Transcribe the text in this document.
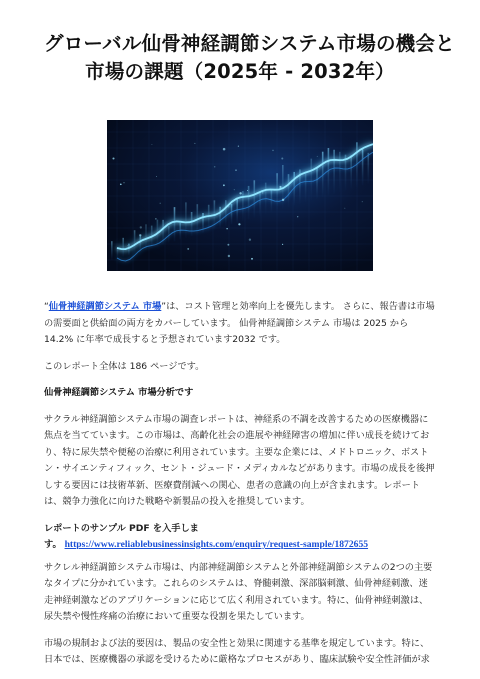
グローバル仙骨神経調節システム市場の機会と
市場の課題（2025年 - 2032年）

“仙骨神経調節システム 市場”は、コスト管理と効率向上を優先します。 さらに、報告書は市場の需要面と供給面の両方をカバーしています。 仙骨神経調節システム 市場は 2025 から 14.2% に年率で成長すると予想されています2032 です。

このレポート全体は 186 ページです。

仙骨神経調節システム 市場分析です

サクラル神経調節システム市場の調査レポートは、神経系の不調を改善するための医療機器に焦点を当てています。この市場は、高齢化社会の進展や神経障害の増加に伴い成長を続けており、特に尿失禁や便秘の治療に利用されています。主要な企業には、メドトロニック、ボストン・サイエンティフィック、セント・ジュード・メディカルなどがあります。市場の成長を後押しする要因には技術革新、医療費削減への関心、患者の意識の向上が含まれます。レポートは、競争力強化に向けた戦略や新製品の投入を推奨しています。

レポートのサンプル PDF を入手しま
す。 https://www.reliablebusinessinsights.com/enquiry/request-sample/1872655

サクレル神経調節システム市場は、内部神経調節システムと外部神経調節システムの2つの主要なタイプに分かれています。これらのシステムは、脊髄刺激、深部脳刺激、仙骨神経刺激、迷走神経刺激などのアプリケーションに応じて広く利用されています。特に、仙骨神経刺激は、尿失禁や慢性疼痛の治療において重要な役割を果たしています。

市場の規制および法的要因は、製品の安全性と効果に関連する基準を規定しています。特に、日本では、医療機器の承認を受けるために厳格なプロセスがあり、臨床試験や安全性評価が求
